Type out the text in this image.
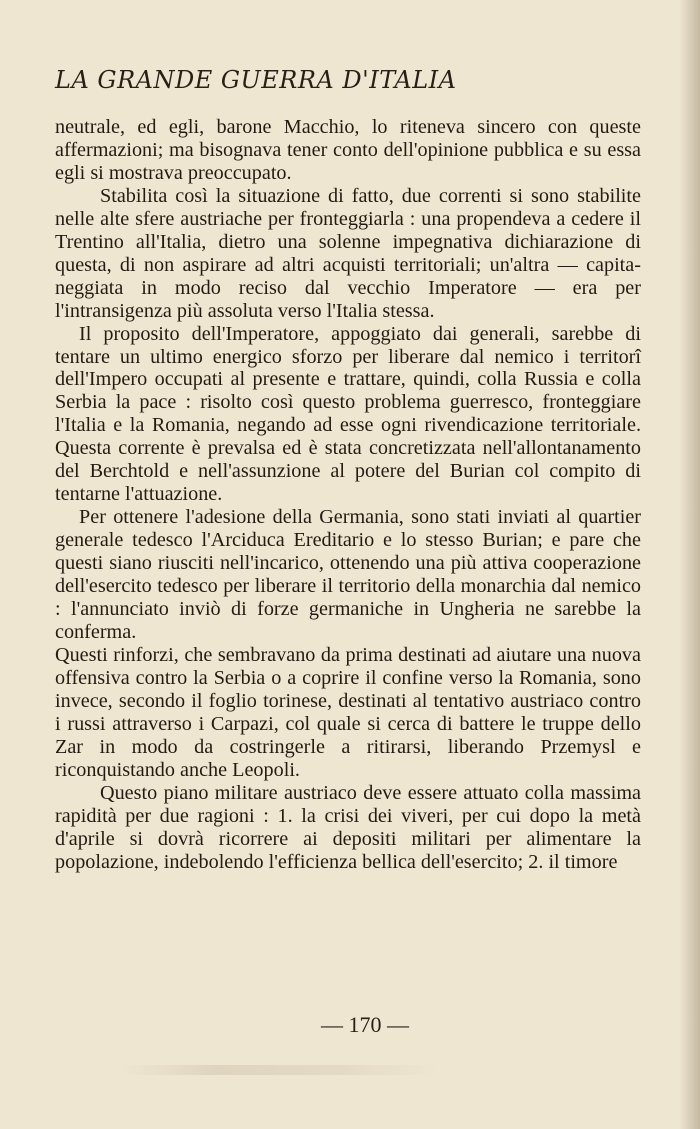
LA GRANDE GUERRA D'ITALIA

neutrale, ed egli, barone Macchio, lo riteneva sincero con queste affermazioni; ma bisognava tener conto dell'opinione pubblica e su essa egli si mostrava preoccupato.

Stabilita così la situazione di fatto, due correnti si sono stabilite nelle alte sfere austriache per fronteggiarla : una propendeva a cedere il Trentino all'Italia, dietro una solenne impegnativa dichiarazione di questa, di non aspirare ad altri acquisti territoriali; un'altra — capitaneggiata in modo reciso dal vecchio Imperatore — era per l'intransigenza più assoluta verso l'Italia stessa.

Il proposito dell'Imperatore, appoggiato dai generali, sarebbe di tentare un ultimo energico sforzo per liberare dal nemico i territorî dell'Impero occupati al presente e trattare, quindi, colla Russia e colla Serbia la pace : risolto così questo problema guerresco, fronteggiare l'Italia e la Romania, negando ad esse ogni rivendicazione territoriale. Questa corrente è prevalsa ed è stata concretizzata nell'allontanamento del Berchtold e nell'assunzione al potere del Burian col compito di tentarne l'attuazione.

Per ottenere l'adesione della Germania, sono stati inviati al quartier generale tedesco l'Arciduca Ereditario e lo stesso Burian; e pare che questi siano riusciti nell'incarico, ottenendo una più attiva cooperazione dell'esercito tedesco per liberare il territorio della monarchia dal nemico : l'annunciato inviò di forze germaniche in Ungheria ne sarebbe la conferma.

Questi rinforzi, che sembravano da prima destinati ad aiutare una nuova offensiva contro la Serbia o a coprire il confine verso la Romania, sono invece, secondo il foglio torinese, destinati al tentativo austriaco contro i russi attraverso i Carpazi, col quale si cerca di battere le truppe dello Zar in modo da costringerle a ritirarsi, liberando Przemysl e riconquistando anche Leopoli.

Questo piano militare austriaco deve essere attuato colla massima rapidità per due ragioni : 1. la crisi dei viveri, per cui dopo la metà d'aprile si dovrà ricorrere ai depositi militari per alimentare la popolazione, indebolendo l'efficienza bellica dell'esercito; 2. il timore

— 170 —
